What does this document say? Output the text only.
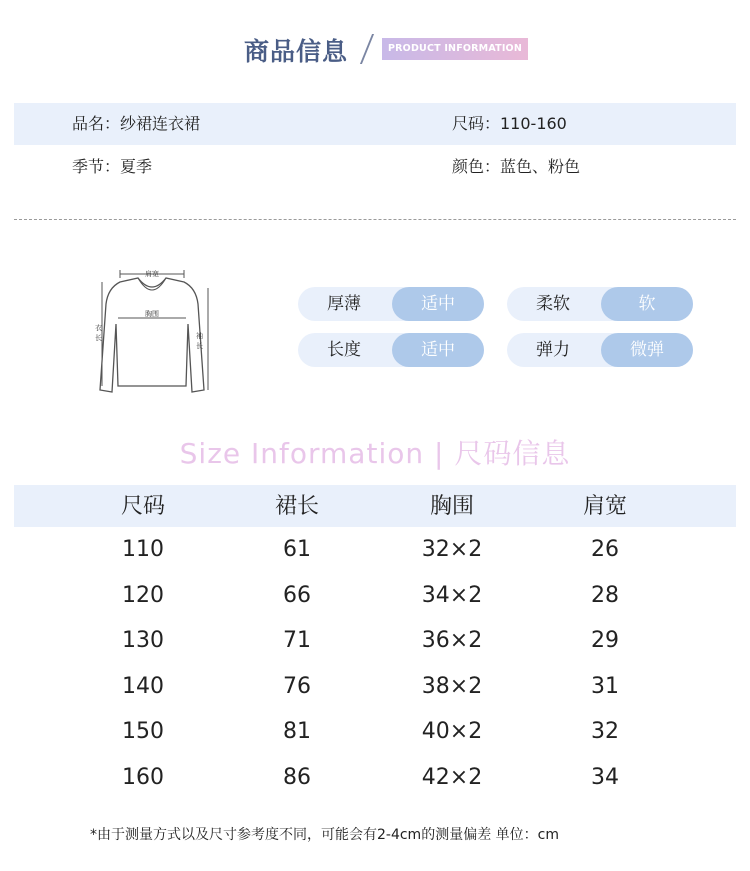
商品信息	PRODUCT INFORMATION
品名：纱裙连衣裙	尺码：110-160
季节：夏季	颜色：蓝色、粉色
肩宽
胸围
衣
长	袖
长
厚薄	适中	柔软	软
长度	适中	弹力	微弹
Size Information | 尺码信息
尺码	裙长	胸围	肩宽
110	61	32×2	26
120	66	34×2	28
130	71	36×2	29
140	76	38×2	31
150	81	40×2	32
160	86	42×2	34
*由于测量方式以及尺寸参考度不同，可能会有2-4cm的测量偏差 单位：cm
